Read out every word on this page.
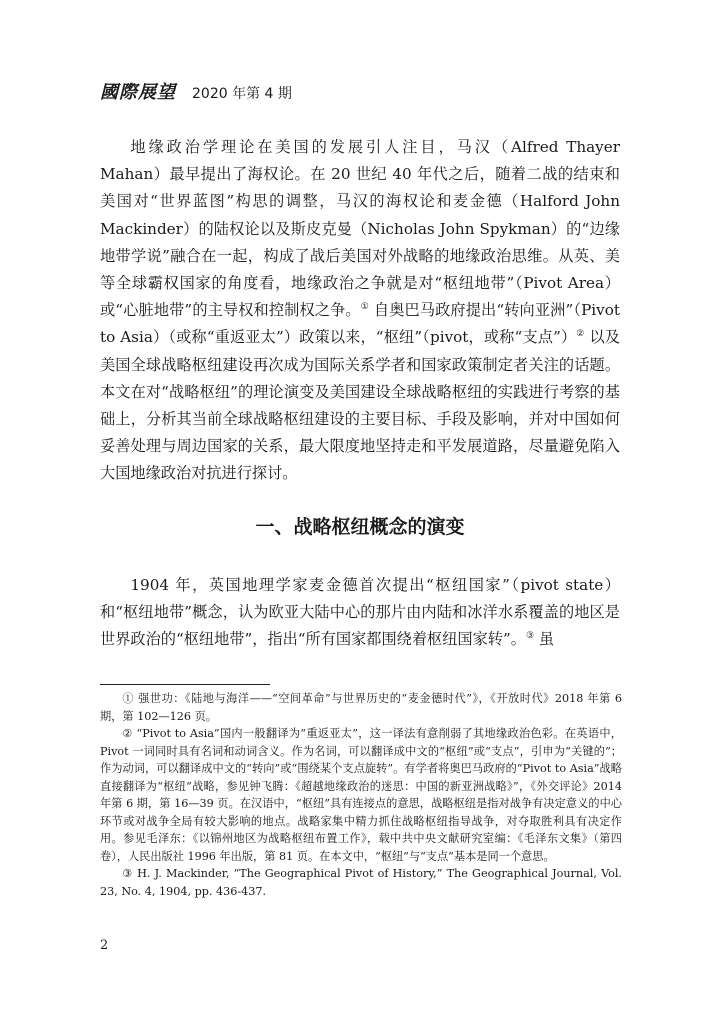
國際展望 2020 年第 4 期

地缘政治学理论在美国的发展引人注目，马汉（Alfred Thayer Mahan）最早提出了海权论。在 20 世纪 40 年代之后，随着二战的结束和美国对“世界蓝图”构思的调整，马汉的海权论和麦金德（Halford John Mackinder）的陆权论以及斯皮克曼（Nicholas John Spykman）的“边缘地带学说”融合在一起，构成了战后美国对外战略的地缘政治思维。从英、美等全球霸权国家的角度看，地缘政治之争就是对“枢纽地带”（Pivot Area）或“心脏地带”的主导权和控制权之争。① 自奥巴马政府提出“转向亚洲”（Pivot to Asia）（或称“重返亚太”）政策以来，“枢纽”（pivot，或称“支点”）② 以及美国全球战略枢纽建设再次成为国际关系学者和国家政策制定者关注的话题。本文在对“战略枢纽”的理论演变及美国建设全球战略枢纽的实践进行考察的基础上，分析其当前全球战略枢纽建设的主要目标、手段及影响，并对中国如何妥善处理与周边国家的关系，最大限度地坚持走和平发展道路，尽量避免陷入大国地缘政治对抗进行探讨。

一、战略枢纽概念的演变

1904 年，英国地理学家麦金德首次提出“枢纽国家”（pivot state）和“枢纽地带”概念，认为欧亚大陆中心的那片由内陆和冰洋水系覆盖的地区是世界政治的“枢纽地带”，指出“所有国家都围绕着枢纽国家转”。③ 虽

① 强世功：《陆地与海洋——“空间革命”与世界历史的“麦金德时代”》，《开放时代》2018 年第 6 期，第 102—126 页。

② “Pivot to Asia”国内一般翻译为“重返亚太”，这一译法有意削弱了其地缘政治色彩。在英语中，Pivot 一词同时具有名词和动词含义。作为名词，可以翻译成中文的“枢纽”或“支点”，引申为“关键的”；作为动词，可以翻译成中文的“转向”或“围绕某个支点旋转”。有学者将奥巴马政府的“Pivot to Asia”战略直接翻译为“枢纽”战略，参见钟飞腾：《超越地缘政治的迷思：中国的新亚洲战略》”，《外交评论》2014 年第 6 期，第 16—39 页。在汉语中，“枢纽”具有连接点的意思，战略枢纽是指对战争有决定意义的中心环节或对战争全局有较大影响的地点。战略家集中精力抓住战略枢纽指导战争，对夺取胜利具有决定作用。参见毛泽东：《以锦州地区为战略枢纽布置工作》，载中共中央文献研究室编：《毛泽东文集》（第四卷），人民出版社 1996 年出版，第 81 页。在本文中，“枢纽”与“支点”基本是同一个意思。

③ H. J. Mackinder, “The Geographical Pivot of History,” The Geographical Journal, Vol. 23, No. 4, 1904, pp. 436-437.

2
